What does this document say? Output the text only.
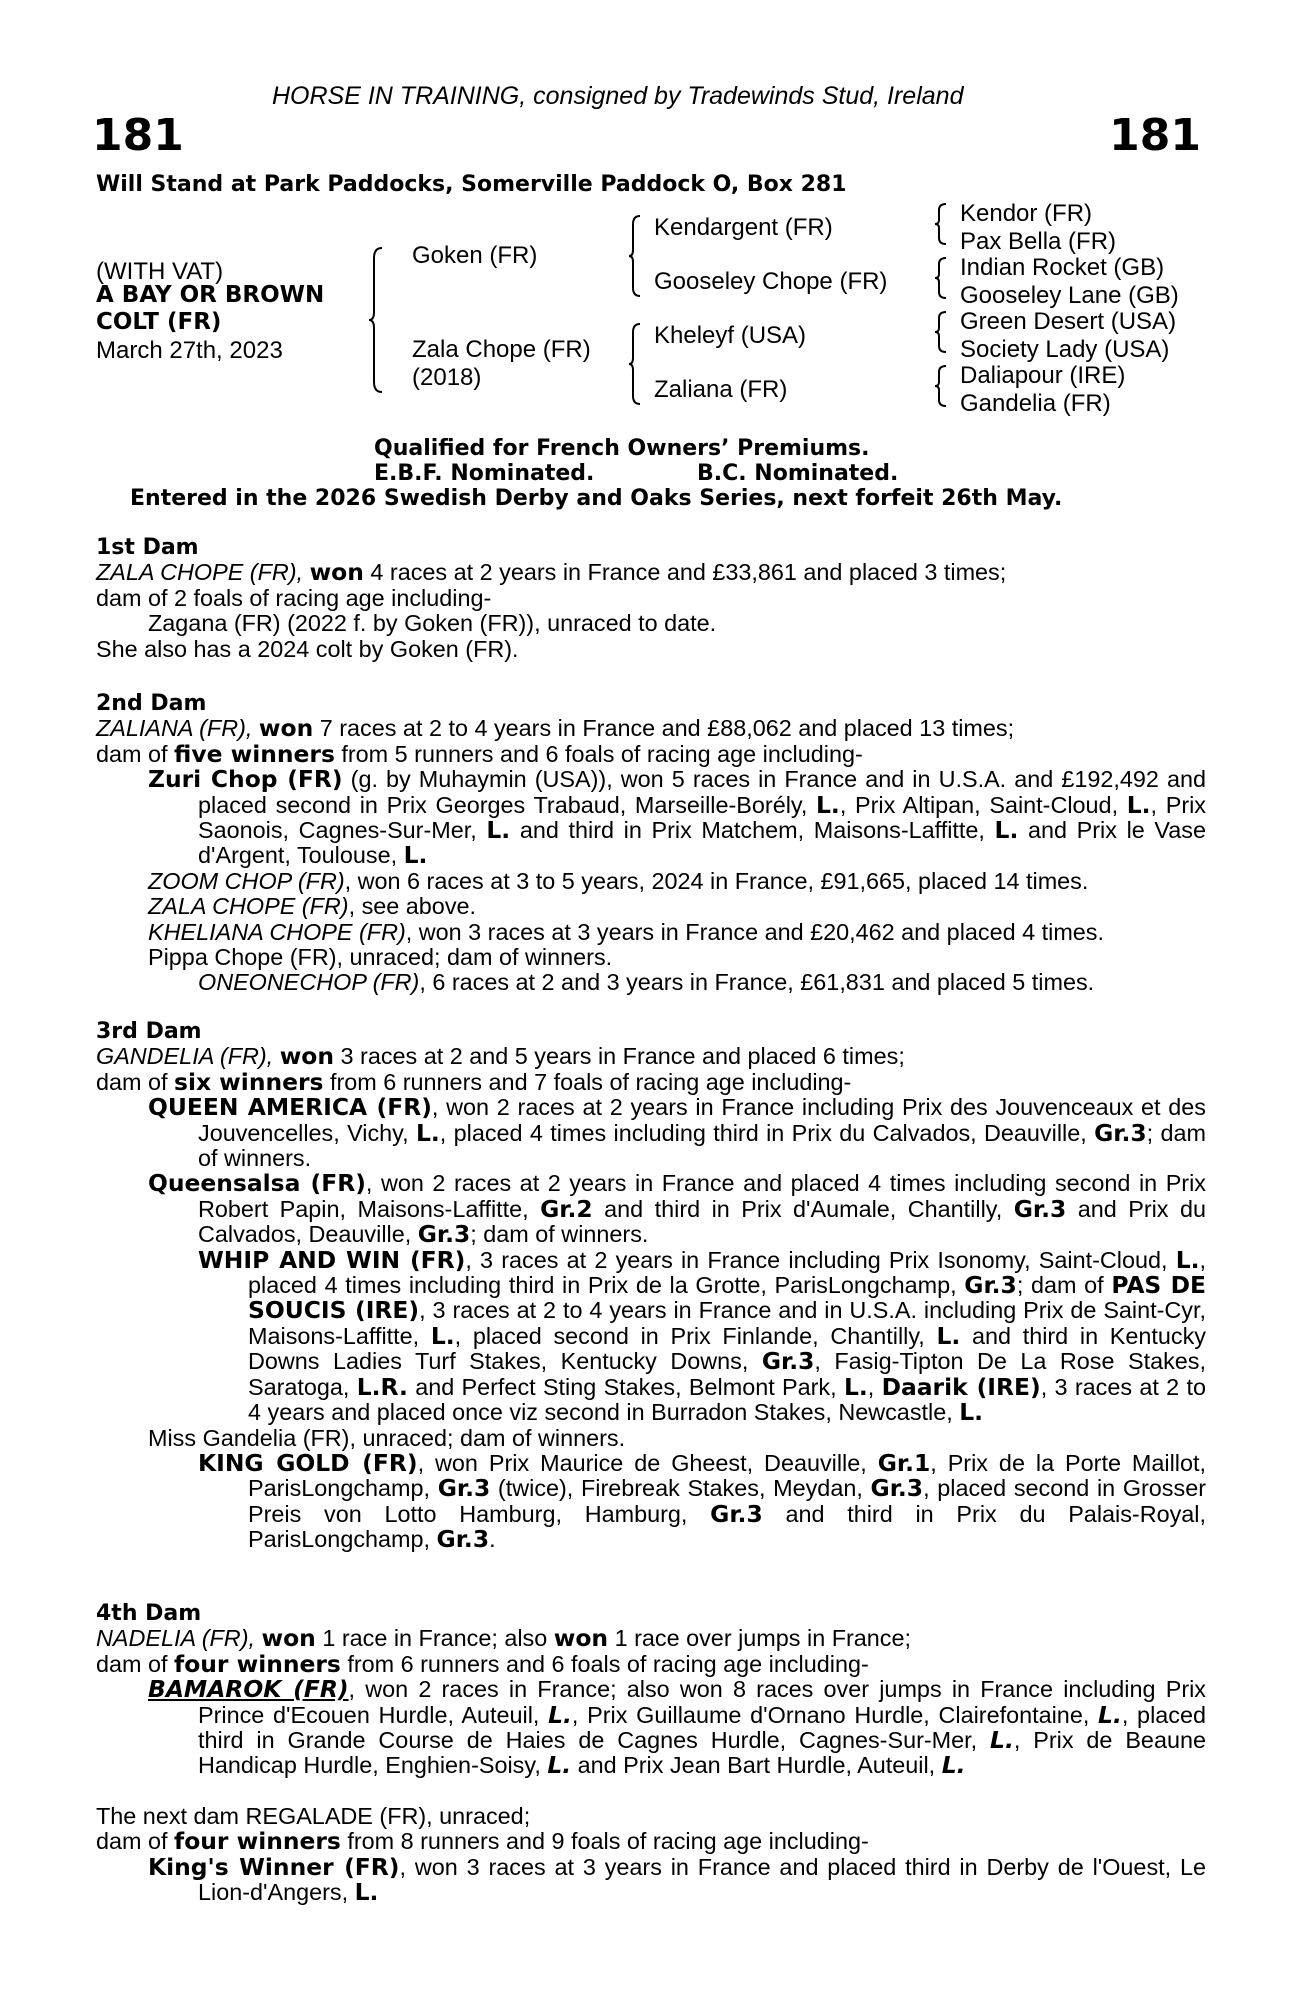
HORSE IN TRAINING, consigned by Tradewinds Stud, Ireland
181	181
Will Stand at Park Paddocks, Somerville Paddock O, Box 281
(WITH VAT)
A BAY OR BROWN
COLT (FR)
March 27th, 2023
Goken (FR)
Zala Chope (FR)
(2018)
Kendargent (FR)
Gooseley Chope (FR)
Kheleyf (USA)
Zaliana (FR)
Kendor (FR)
Pax Bella (FR)
Indian Rocket (GB)
Gooseley Lane (GB)
Green Desert (USA)
Society Lady (USA)
Daliapour (IRE)
Gandelia (FR)
Qualified for French Owners’ Premiums.
E.B.F. Nominated.	B.C. Nominated.
Entered in the 2026 Swedish Derby and Oaks Series, next forfeit 26th May.

1st Dam

ZALA CHOPE (FR), won 4 races at 2 years in France and £33,861 and placed 3 times;

dam of 2 foals of racing age including-

Zagana (FR) (2022 f. by Goken (FR)), unraced to date.

She also has a 2024 colt by Goken (FR).

2nd Dam

ZALIANA (FR), won 7 races at 2 to 4 years in France and £88,062 and placed 13 times;

dam of five winners from 5 runners and 6 foals of racing age including-

Zuri Chop (FR) (g. by Muhaymin (USA)), won 5 races in France and in U.S.A. and £192,492 and placed second in Prix Georges Trabaud, Marseille-Borély, L., Prix Altipan, Saint-Cloud, L., Prix Saonois, Cagnes-Sur-Mer, L. and third in Prix Matchem, Maisons-Laffitte, L. and Prix le Vase d'Argent, Toulouse, L.

ZOOM CHOP (FR), won 6 races at 3 to 5 years, 2024 in France, £91,665, placed 14 times.

ZALA CHOPE (FR), see above.

KHELIANA CHOPE (FR), won 3 races at 3 years in France and £20,462 and placed 4 times.

Pippa Chope (FR), unraced; dam of winners.

ONEONECHOP (FR), 6 races at 2 and 3 years in France, £61,831 and placed 5 times.

3rd Dam

GANDELIA (FR), won 3 races at 2 and 5 years in France and placed 6 times;

dam of six winners from 6 runners and 7 foals of racing age including-

QUEEN AMERICA (FR), won 2 races at 2 years in France including Prix des Jouvenceaux et des Jouvencelles, Vichy, L., placed 4 times including third in Prix du Calvados, Deauville, Gr.3; dam of winners.

Queensalsa (FR), won 2 races at 2 years in France and placed 4 times including second in Prix Robert Papin, Maisons-Laffitte, Gr.2 and third in Prix d'Aumale, Chantilly, Gr.3 and Prix du Calvados, Deauville, Gr.3; dam of winners.

WHIP AND WIN (FR), 3 races at 2 years in France including Prix Isonomy, Saint-Cloud, L., placed 4 times including third in Prix de la Grotte, ParisLongchamp, Gr.3; dam of PAS DE SOUCIS (IRE), 3 races at 2 to 4 years in France and in U.S.A. including Prix de Saint-Cyr, Maisons-Laffitte, L., placed second in Prix Finlande, Chantilly, L. and third in Kentucky Downs Ladies Turf Stakes, Kentucky Downs, Gr.3, Fasig-Tipton De La Rose Stakes, Saratoga, L.R. and Perfect Sting Stakes, Belmont Park, L., Daarik (IRE), 3 races at 2 to 4 years and placed once viz second in Burradon Stakes, Newcastle, L.

Miss Gandelia (FR), unraced; dam of winners.

KING GOLD (FR), won Prix Maurice de Gheest, Deauville, Gr.1, Prix de la Porte Maillot, ParisLongchamp, Gr.3 (twice), Firebreak Stakes, Meydan, Gr.3, placed second in Grosser Preis von Lotto Hamburg, Hamburg, Gr.3 and third in Prix du Palais-Royal, ParisLongchamp, Gr.3.

4th Dam

NADELIA (FR), won 1 race in France; also won 1 race over jumps in France;

dam of four winners from 6 runners and 6 foals of racing age including-

BAMAROK (FR), won 2 races in France; also won 8 races over jumps in France including Prix Prince d'Ecouen Hurdle, Auteuil, L., Prix Guillaume d'Ornano Hurdle, Clairefontaine, L., placed third in Grande Course de Haies de Cagnes Hurdle, Cagnes-Sur-Mer, L., Prix de Beaune Handicap Hurdle, Enghien-Soisy, L. and Prix Jean Bart Hurdle, Auteuil, L.

The next dam REGALADE (FR), unraced;

dam of four winners from 8 runners and 9 foals of racing age including-

King's Winner (FR), won 3 races at 3 years in France and placed third in Derby de l'Ouest, Le Lion-d'Angers, L.
